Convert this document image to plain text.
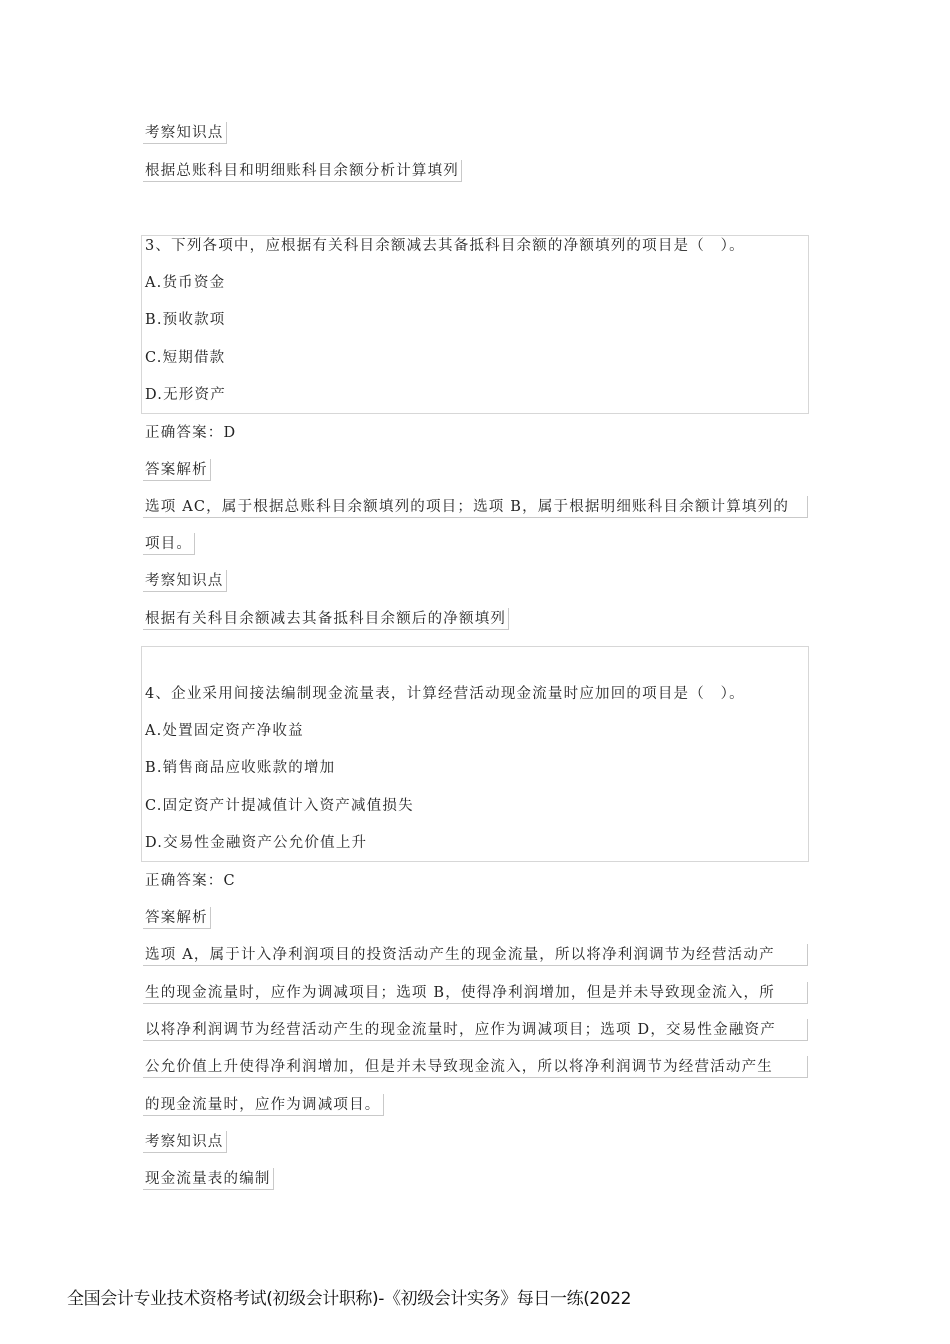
考察知识点
根据总账科目和明细账科目余额分析计算填列
3、下列各项中，应根据有关科目余额减去其备抵科目余额的净额填列的项目是（　）。
A.货币资金
B.预收款项
C.短期借款
D.无形资产
正确答案：D
答案解析
选项 AC，属于根据总账科目余额填列的项目；选项 B，属于根据明细账科目余额计算填列的
项目。
考察知识点
根据有关科目余额减去其备抵科目余额后的净额填列
4、企业采用间接法编制现金流量表，计算经营活动现金流量时应加回的项目是（　）。
A.处置固定资产净收益
B.销售商品应收账款的增加
C.固定资产计提减值计入资产减值损失
D.交易性金融资产公允价值上升
正确答案：C
答案解析
选项 A，属于计入净利润项目的投资活动产生的现金流量，所以将净利润调节为经营活动产
生的现金流量时，应作为调减项目；选项 B，使得净利润增加，但是并未导致现金流入，所
以将净利润调节为经营活动产生的现金流量时，应作为调减项目；选项 D，交易性金融资产
公允价值上升使得净利润增加，但是并未导致现金流入，所以将净利润调节为经营活动产生
的现金流量时，应作为调减项目。
考察知识点
现金流量表的编制
全国会计专业技术资格考试(初级会计职称)-《初级会计实务》每日一练(2022
